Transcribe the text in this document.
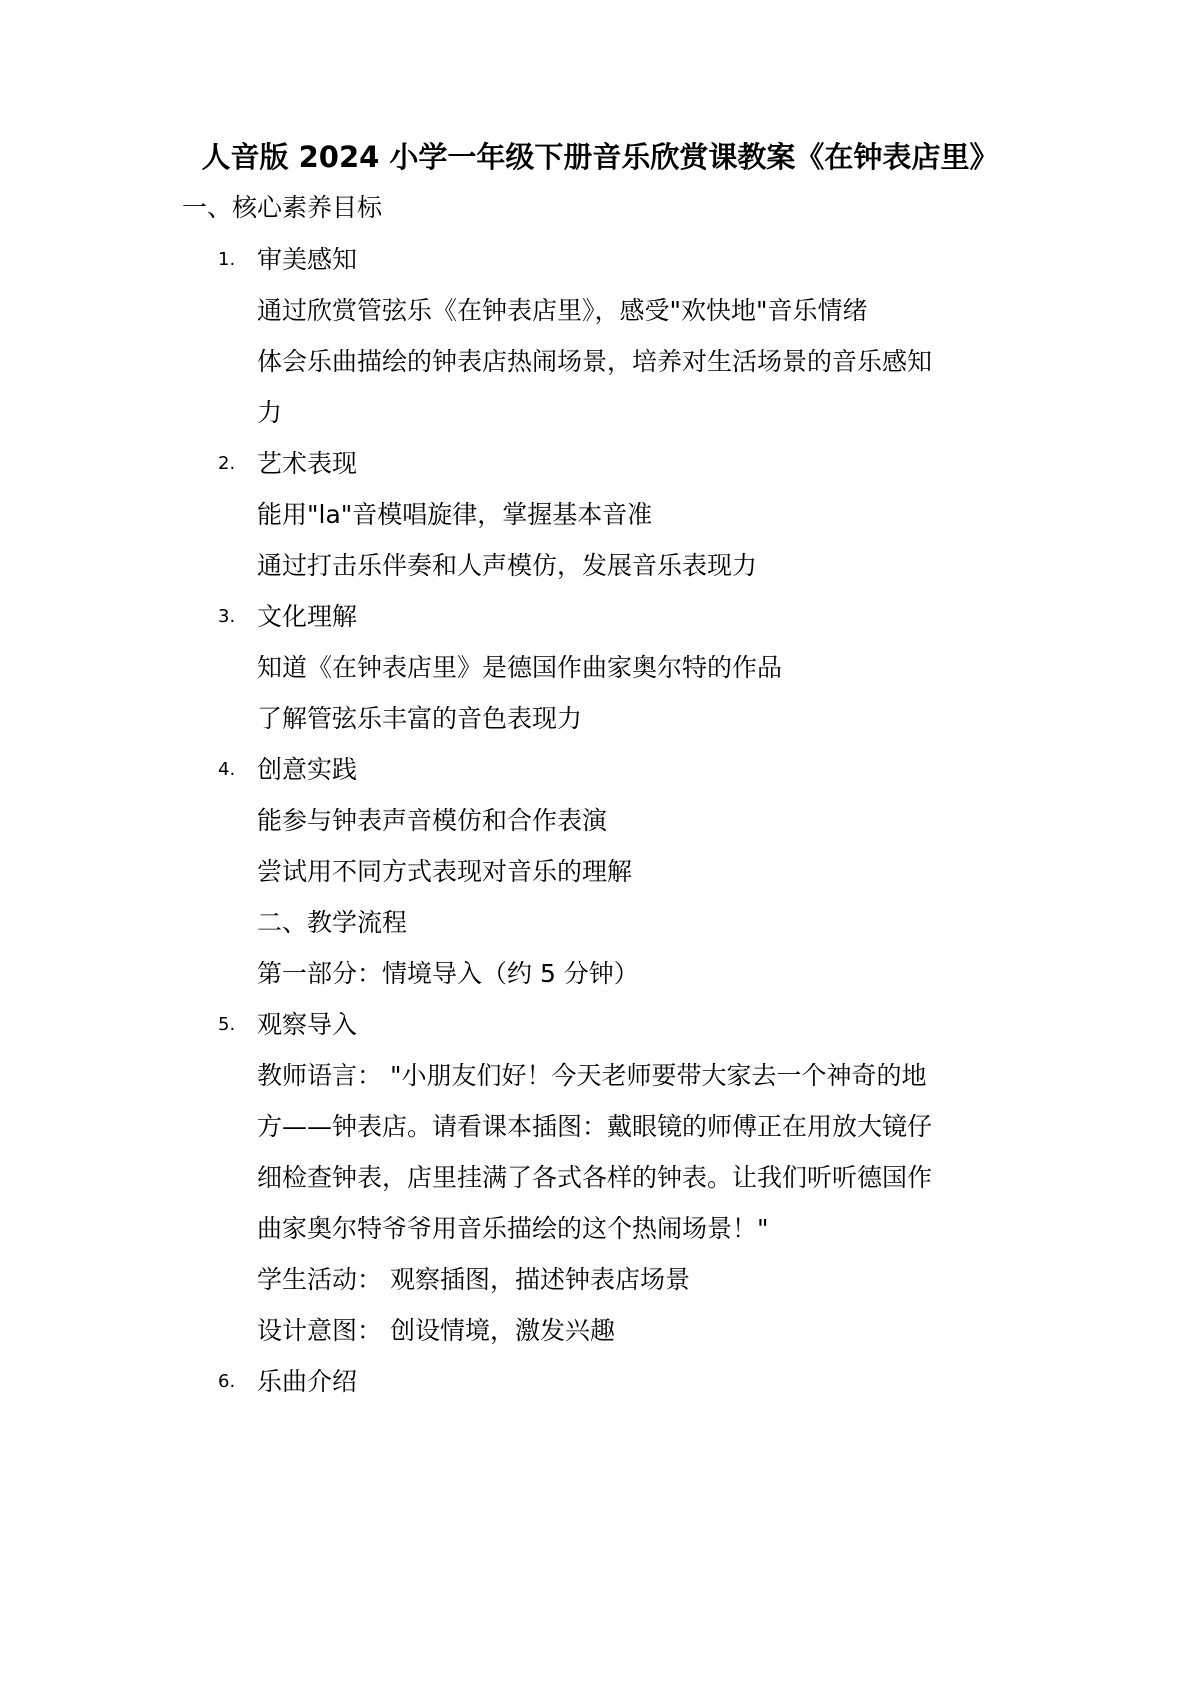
人音版 2024 小学一年级下册音乐欣赏课教案《在钟表店里》
一、核心素养目标
1. 审美感知
通过欣赏管弦乐《在钟表店里》，感受"欢快地"音乐情绪
体会乐曲描绘的钟表店热闹场景，培养对生活场景的音乐感知
力
2. 艺术表现
能用"la"音模唱旋律，掌握基本音准
通过打击乐伴奏和人声模仿，发展音乐表现力
3. 文化理解
知道《在钟表店里》是德国作曲家奥尔特的作品
了解管弦乐丰富的音色表现力
4. 创意实践
能参与钟表声音模仿和合作表演
尝试用不同方式表现对音乐的理解
二、教学流程
第一部分：情境导入（约 5 分钟）
5. 观察导入
教师语言： "小朋友们好！今天老师要带大家去一个神奇的地
方——钟表店。请看课本插图：戴眼镜的师傅正在用放大镜仔
细检查钟表，店里挂满了各式各样的钟表。让我们听听德国作
曲家奥尔特爷爷用音乐描绘的这个热闹场景！"
学生活动： 观察插图，描述钟表店场景
设计意图： 创设情境，激发兴趣
6. 乐曲介绍
